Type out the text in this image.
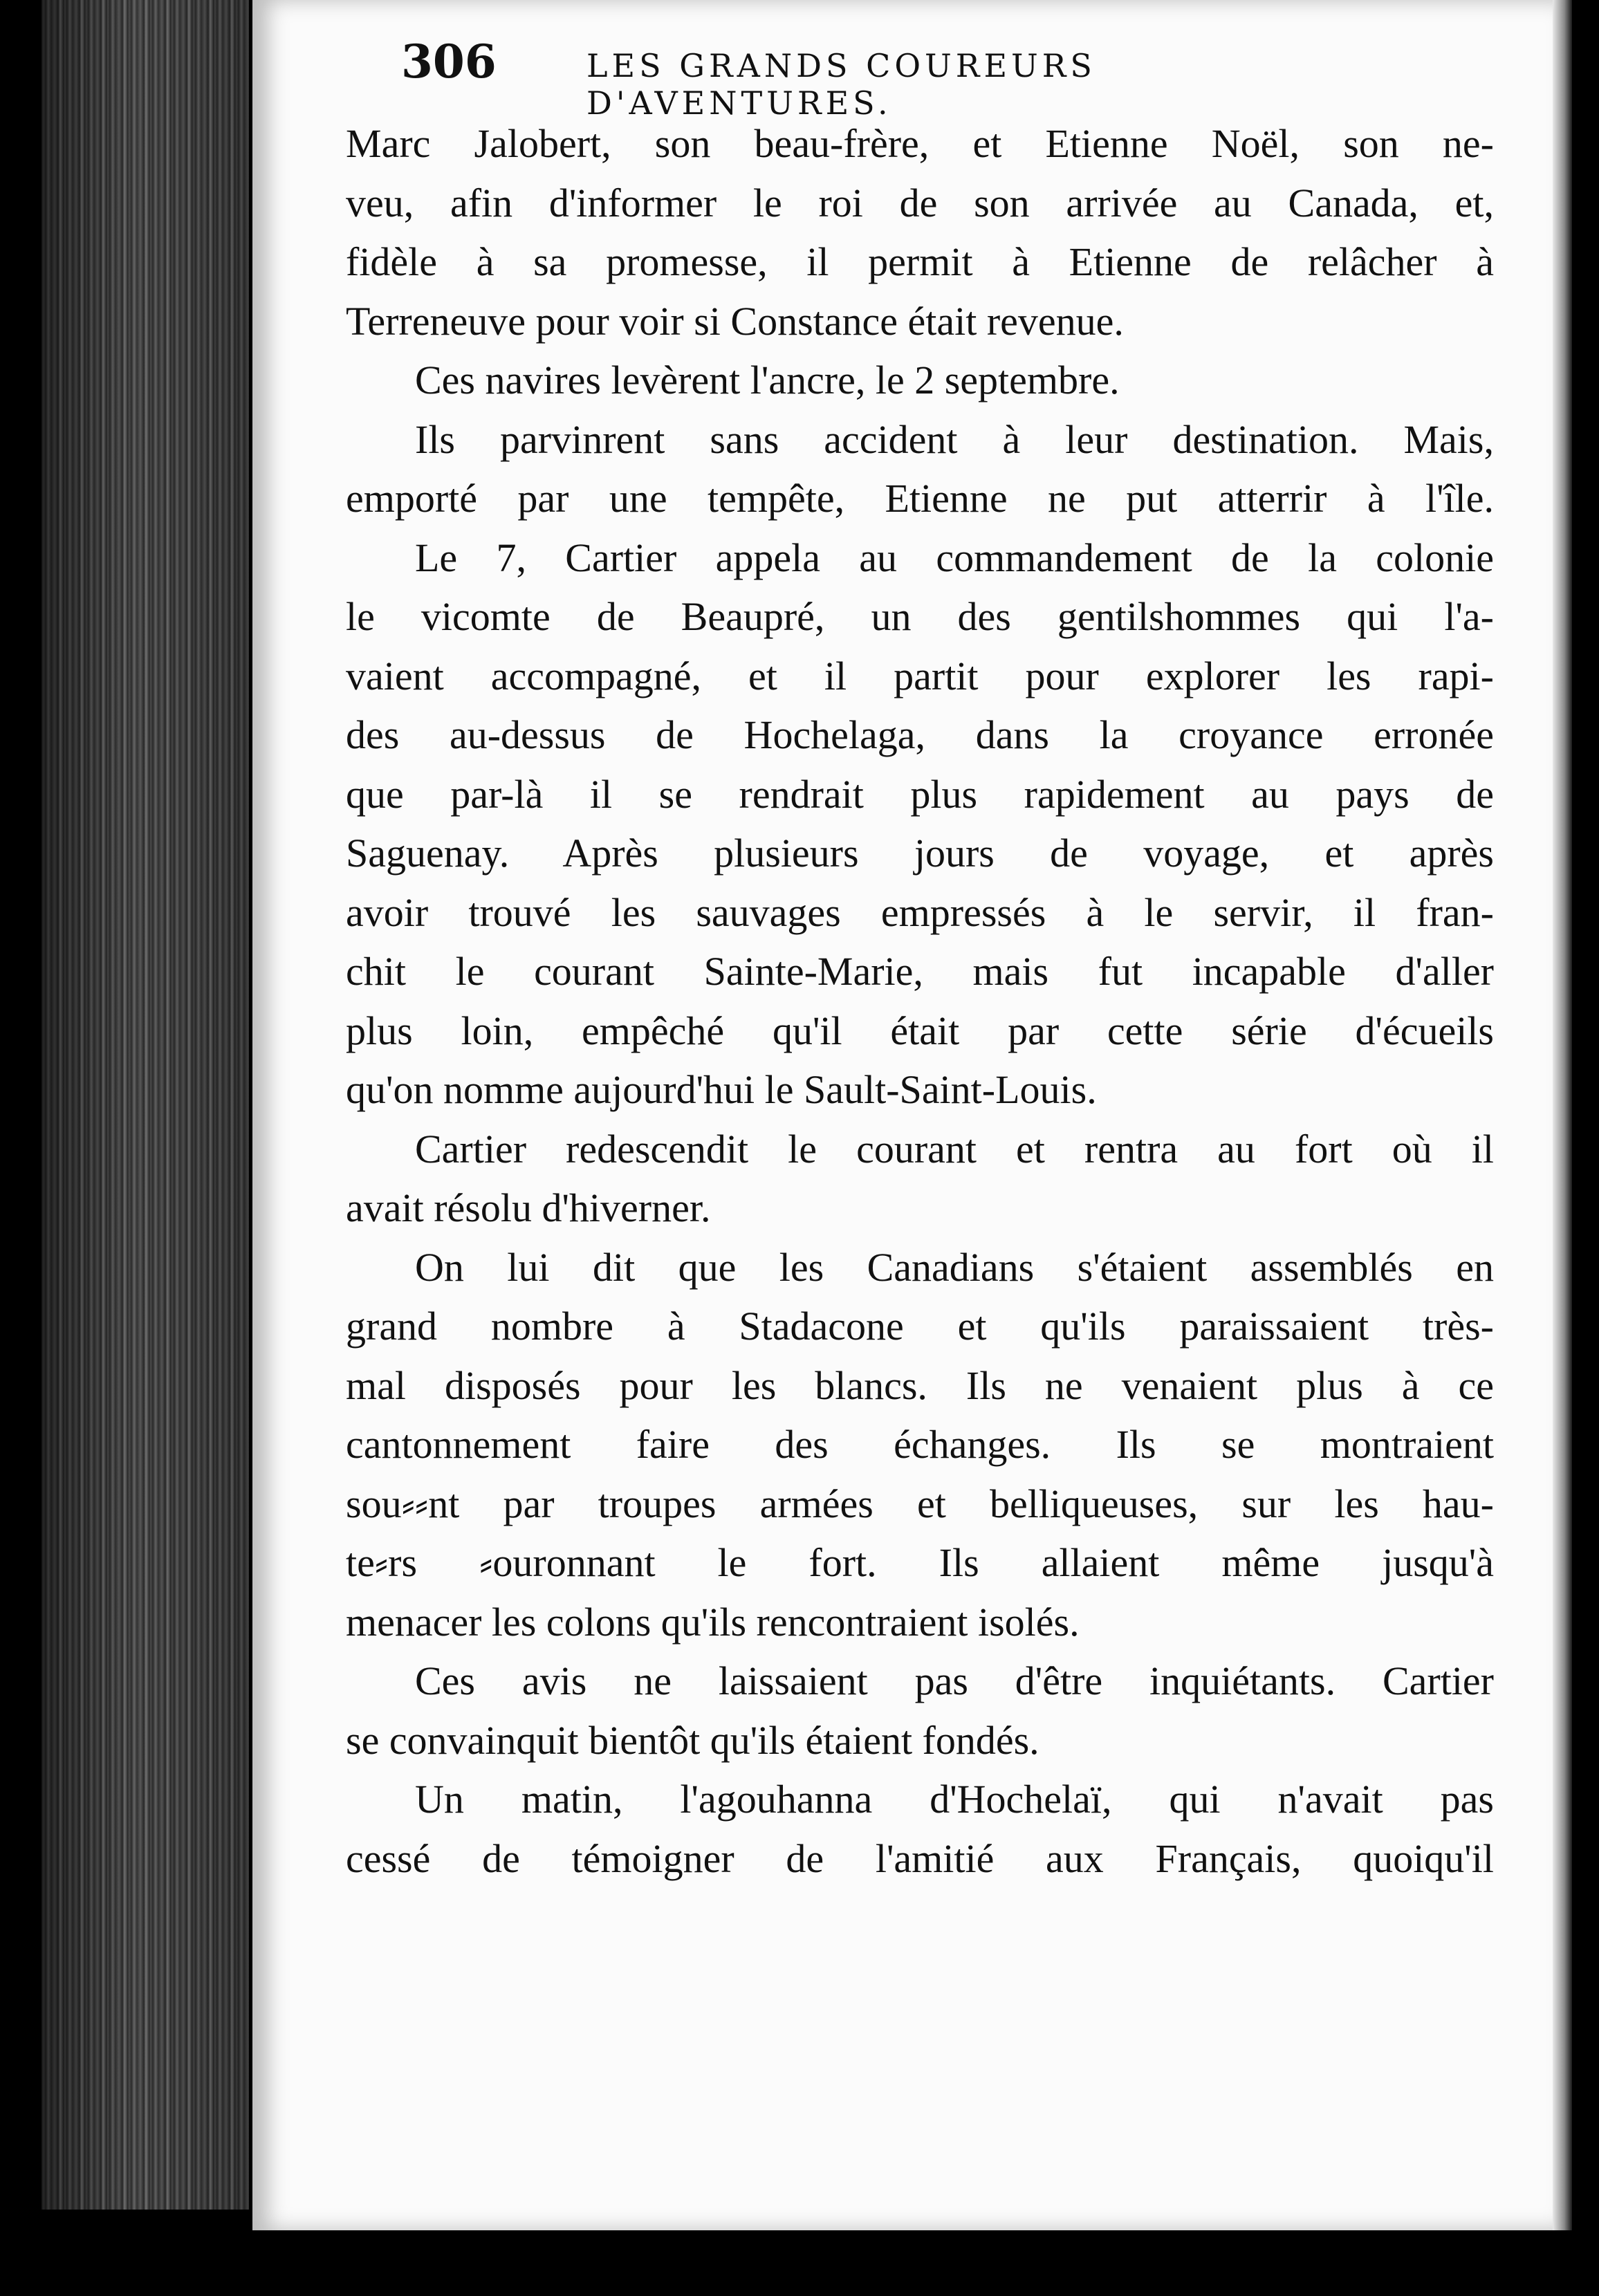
306	LES GRANDS COUREURS D'AVENTURES.
Marc Jalobert, son beau-frère, et Etienne Noël, son ne-
veu, afin d'informer le roi de son arrivée au Canada, et,
fidèle à sa promesse, il permit à Etienne de relâcher à
Terreneuve pour voir si Constance était revenue.
Ces navires levèrent l'ancre, le 2 septembre.
Ils parvinrent sans accident à leur destination. Mais,
emporté par une tempête, Etienne ne put atterrir à l'île.
Le 7, Cartier appela au commandement de la colonie
le vicomte de Beaupré, un des gentilshommes qui l'a-
vaient accompagné, et il partit pour explorer les rapi-
des au-dessus de Hochelaga, dans la croyance erronée
que par-là il se rendrait plus rapidement au pays de
Saguenay. Après plusieurs jours de voyage, et après
avoir trouvé les sauvages empressés à le servir, il fran-
chit le courant Sainte-Marie, mais fut incapable d'aller
plus loin, empêché qu'il était par cette série d'écueils
qu'on nomme aujourd'hui le Sault-Saint-Louis.
Cartier redescendit le courant et rentra au fort où il
avait résolu d'hiverner.
On lui dit que les Canadians s'étaient assemblés en
grand nombre à Stadacone et qu'ils paraissaient très-
mal disposés pour les blancs. Ils ne venaient plus à ce
cantonnement faire des échanges. Ils se montraient
sou⸗⸗nt par troupes armées et belliqueuses, sur les hau-
te⸗rs ⸗ouronnant le fort. Ils allaient même jusqu'à
menacer les colons qu'ils rencontraient isolés.
Ces avis ne laissaient pas d'être inquiétants. Cartier
se convainquit bientôt qu'ils étaient fondés.
Un matin, l'agouhanna d'Hochelaï, qui n'avait pas
cessé de témoigner de l'amitié aux Français, quoiqu'il
